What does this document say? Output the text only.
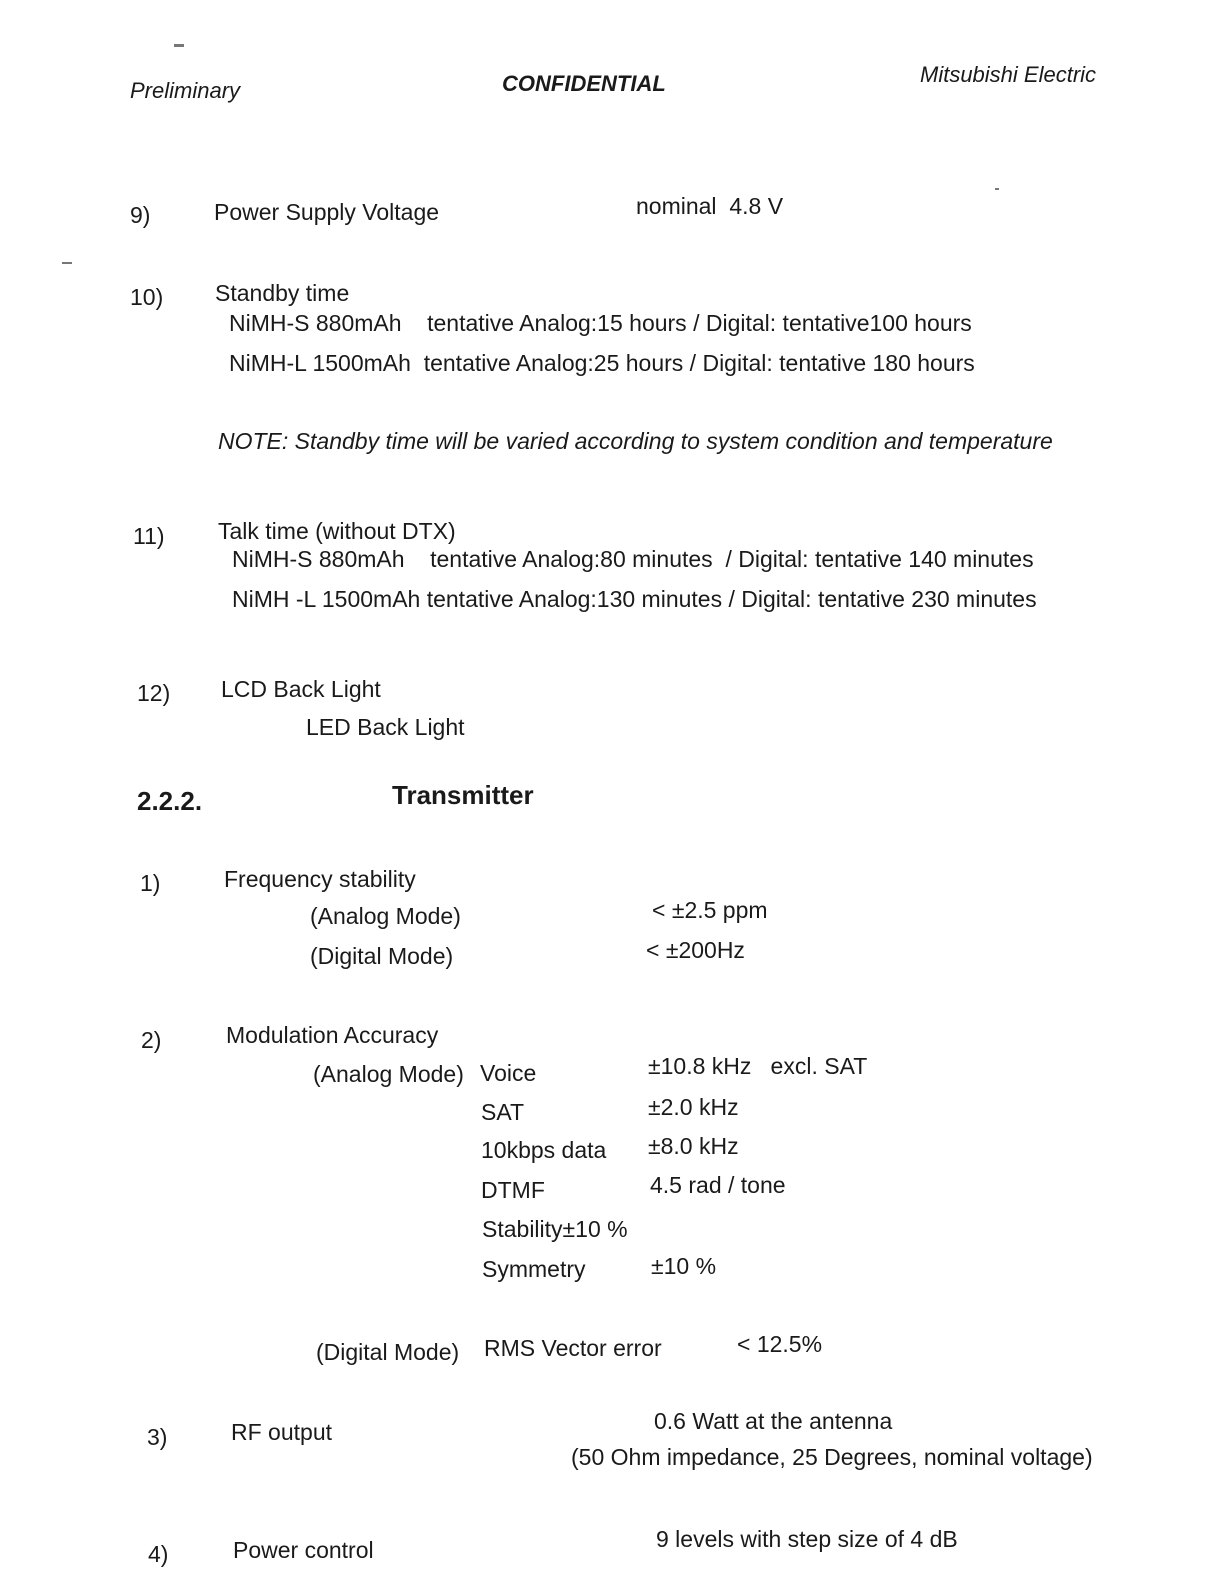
Preliminary	CONFIDENTIAL	Mitsubishi Electric
9)	Power Supply Voltage	nominal  4.8 V
10) Standby time
NiMH-S 880mAh    tentative Analog:15 hours / Digital: tentative100 hours
NiMH-L 1500mAh  tentative Analog:25 hours / Digital: tentative 180 hours
NOTE: Standby time will be varied according to system condition and temperature
11) Talk time (without DTX)
NiMH-S 880mAh    tentative Analog:80 minutes  / Digital: tentative 140 minutes
NiMH -L 1500mAh tentative Analog:130 minutes / Digital: tentative 230 minutes
12) LCD Back Light
LED Back Light
2.2.2.	Transmitter
1)	Frequency stability
(Analog Mode)	< ±2.5 ppm
(Digital Mode)	< ±200Hz
2)	Modulation Accuracy
(Analog Mode) Voice	±10.8 kHz   excl. SAT
SAT	±2.0 kHz
10kbps data ±8.0 kHz
DTMF	4.5 rad / tone
Stability±10 %
Symmetry	±10 %
(Digital Mode) RMS Vector error	< 12.5%
3)	RF output	0.6 Watt at the antenna
(50 Ohm impedance, 25 Degrees, nominal voltage)
4)	Power control	9 levels with step size of 4 dB
